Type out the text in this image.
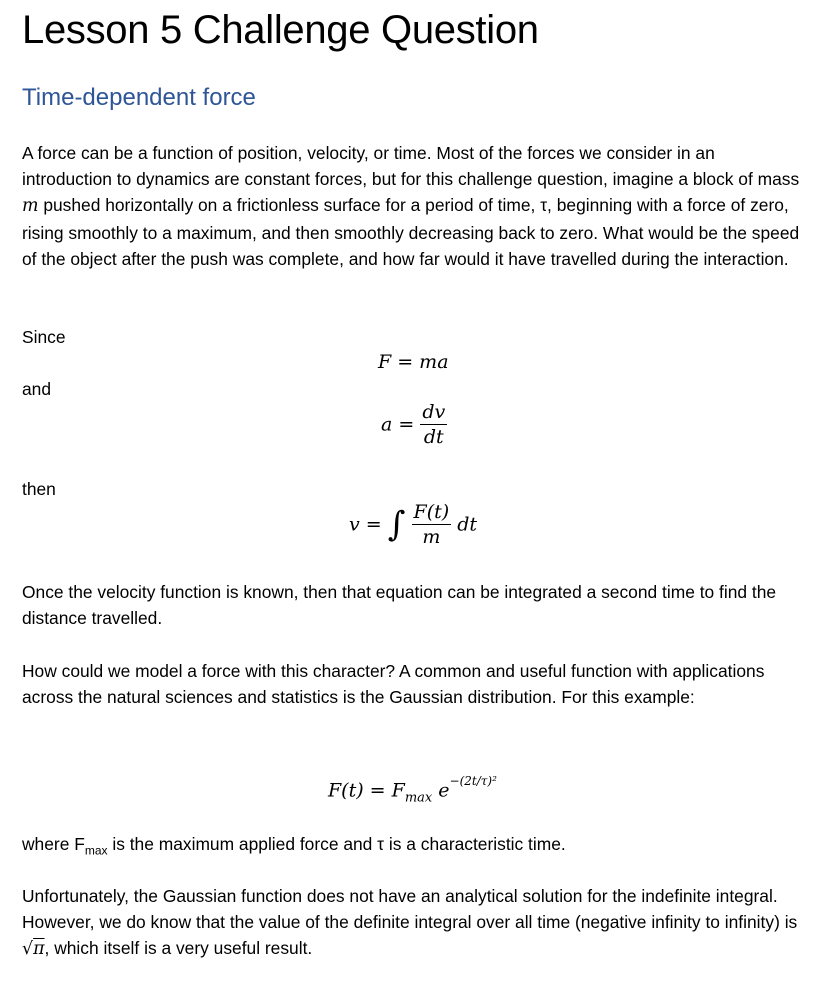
Lesson 5 Challenge Question
Time-dependent force
A force can be a function of position, velocity, or time. Most of the forces we consider in an introduction to dynamics are constant forces, but for this challenge question, imagine a block of mass m pushed horizontally on a frictionless surface for a period of time, τ, beginning with a force of zero, rising smoothly to a maximum, and then smoothly decreasing back to zero. What would be the speed of the object after the push was complete, and how far would it have travelled during the interaction.
Since
F = ma
and
$a = \frac{dv}{dt}$
then
v = ∫ $\frac{F(t)}{m}$ dt
Once the velocity function is known, then that equation can be integrated a second time to find the distance travelled.
How could we model a force with this character? A common and useful function with applications across the natural sciences and statistics is the Gaussian distribution. For this example:
$F(t) = F_{max}$ $e^{-(2t/\tau)^2}$
where $F_{max}$ is the maximum applied force and τ is a characteristic time.
Unfortunately, the Gaussian function does not have an analytical solution for the indefinite integral. However, we do know that the value of the definite integral over all time (negative infinity to infinity) is √π, which itself is a very useful result.
